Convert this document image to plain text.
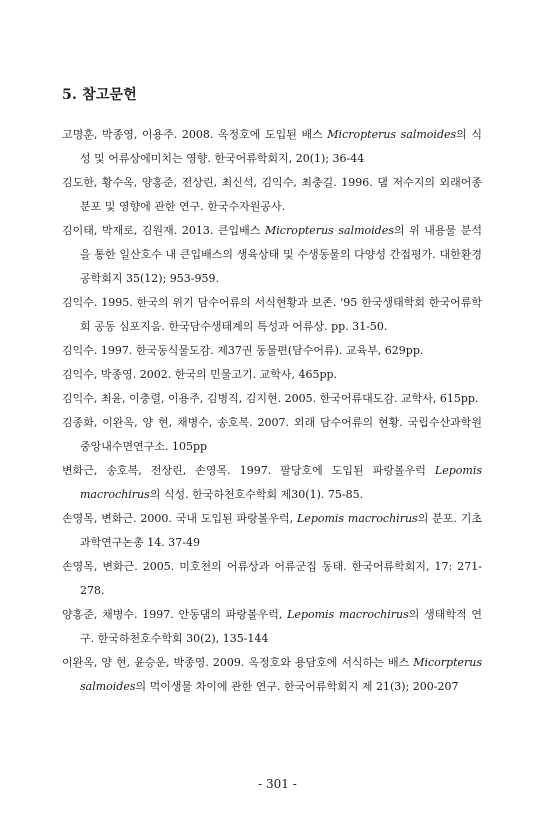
5. 참고문헌
고명훈, 박종영, 이용주. 2008. 옥정호에 도입된 배스 Micropterus salmoides의 식성 및 어류상에미치는 영향. 한국어류학회지, 20(1); 36-44
김도한, 황수옥, 양홍준, 전상린, 최신석, 김익수, 최충길. 1996. 댐 저수지의 외래어종 분포 및 영향에 관한 연구. 한국수자원공사.
김이태, 박재로, 김원재. 2013. 큰입배스 Micropterus salmoides의 위 내용물 분석을 통한 일산호수 내 큰입배스의 생육상태 및 수생동물의 다양성 간접평가. 대한환경공학회지 35(12); 953-959.
김익수. 1995. 한국의 위기 담수어류의 서식현황과 보존. '95 한국생태학회 한국어류학회 공동 심포지움. 한국담수생태계의 특성과 어류상. pp. 31-50.
김익수. 1997. 한국동식물도감. 제37권 동물편(담수어류). 교육부, 629pp.
김익수, 박종영. 2002. 한국의 민물고기. 교학사, 465pp.
김익수, 최윤, 이충렬, 이용주, 김병직, 김지현. 2005. 한국어류대도감. 교학사, 615pp.
김종화, 이완옥, 양 현, 채병수, 송호복. 2007. 외래 담수어류의 현황. 국립수산과학원 중앙내수면연구소. 105pp
변화근, 송호복, 전상린, 손영목. 1997. 팔당호에 도입된 파랑볼우럭 Lepomis macrochirus의 식성. 한국하천호수학회 제30(1). 75-85.
손영목, 변화근. 2000. 국내 도입된 파랑볼우럭, Lepomis macrochirus의 분포. 기초과학연구논총 14. 37-49
손영목, 변화근. 2005. 미호천의 어류상과 어류군집 동태. 한국어류학회지, 17: 271-278.
양홍준, 채병수. 1997. 안동댐의 파랑볼우럭, Lepomis macrochirus의 생태학적 연구. 한국하천호수학회 30(2), 135-144
이완옥, 양 현, 윤승운, 박종영. 2009. 옥정호와 용담호에 서식하는 배스 Micorpterus salmoides의 먹이생물 차이에 관한 연구. 한국어류학회지 제 21(3); 200-207
- 301 -
